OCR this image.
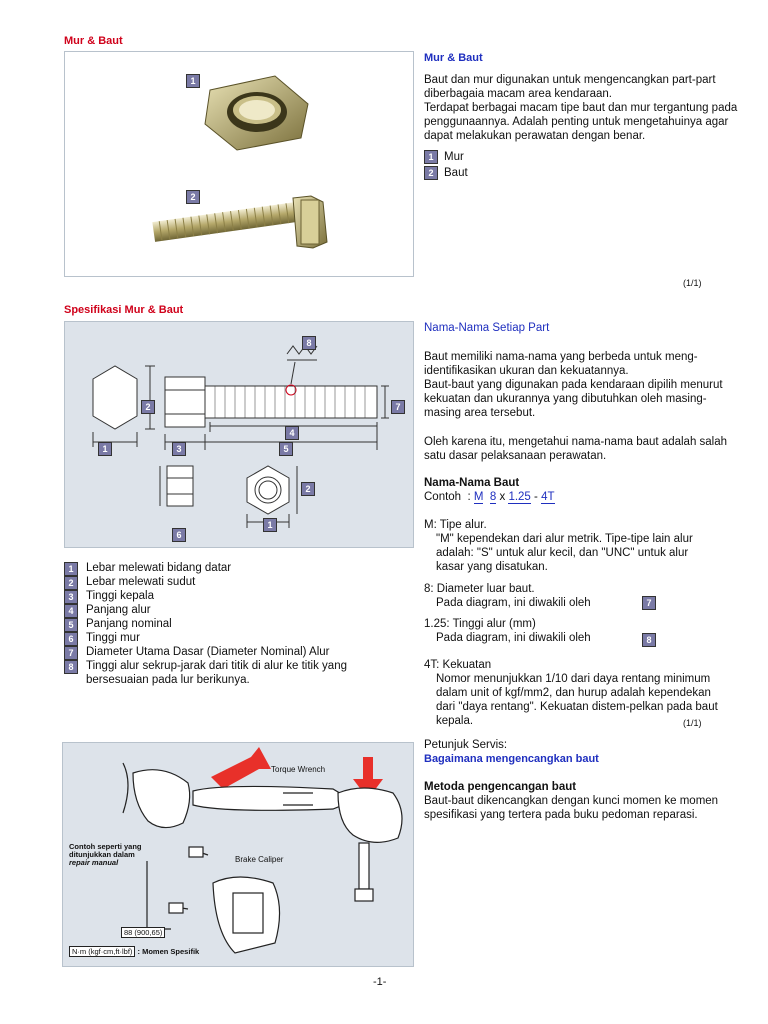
Mur & Baut
1
2
Mur & Baut

Baut dan mur digunakan untuk mengencangkan part-part diberbagaia macam area kendaraan.

Terdapat berbagai macam tipe baut dan mur tergantung pada penggunaannya. Adalah penting untuk mengetahuinya agar dapat melakukan perawatan dengan benar.

1 Mur
2 Baut
(1/1)
Spesifikasi Mur & Baut
1
2
3
4
5
6
7
8
1
2
1	Lebar melewati bidang datar
2	Lebar melewati sudut
3	Tinggi kepala
4	Panjang alur
5	Panjang nominal
6	Tinggi mur
7	Diameter Utama Dasar (Diameter Nominal) Alur
8	Tinggi alur sekrup-jarak dari titik di alur ke titik yang bersesuaian pada lur berikunya.
Nama-Nama Setiap Part
Baut memiliki nama-nama yang berbeda untuk meng-identifikasikan ukuran dan kekuatannya.
Baut-baut yang digunakan pada kendaraan dipilih menurut kekuatan dan ukurannya yang dibutuhkan oleh masing-masing area tersebut.
Oleh karena itu, mengetahui nama-nama baut adalah salah satu dasar pelaksanaan perawatan.
Nama-Nama Baut
Contoh : M 8 x 1.25 - 4T
M: Tipe alur.
"M" kependekan dari alur metrik. Tipe-tipe lain alur adalah: "S" untuk alur kecil, dan "UNC" untuk alur kasar yang disatukan.
8: Diameter luar baut.
Pada diagram, ini diwakili oleh	7
1.25: Tinggi alur (mm)
Pada diagram, ini diwakili oleh	8
4T: Kekuatan
Nomor menunjukkan 1/10 dari daya rentang minimum dalam unit of kgf/mm2, dan hurup adalah kependekan dari "daya rentang". Kekuatan distem-pelkan pada baut kepala.	(1/1)
Torque Wrench
Contoh seperti yang
ditunjukkan dalam
repair manual	Brake Caliper
88 (900,65)
N·m (kgf·cm,ft·lbf) : Momen Spesifik
Petunjuk Servis:
Bagaimana mengencangkan baut
Metoda pengencangan baut
Baut-baut dikencangkan dengan kunci momen ke momen spesifikasi yang tertera pada buku pedoman reparasi.
-1-
